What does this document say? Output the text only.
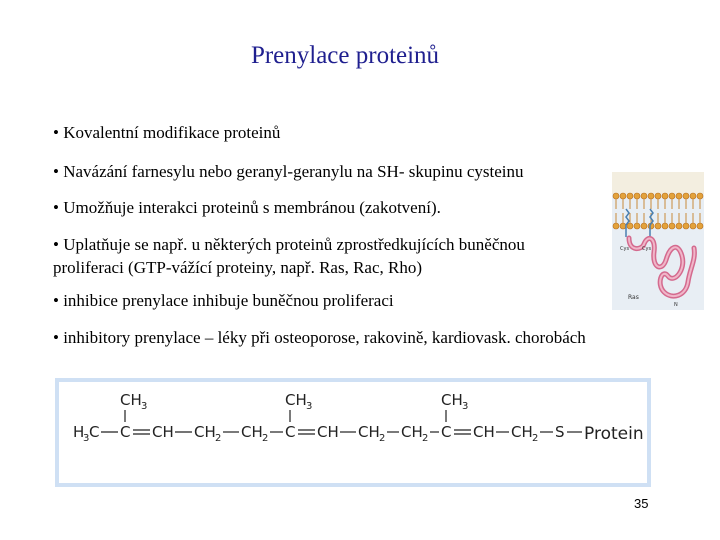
Prenylace proteinů
• Kovalentní modifikace proteinů
• Navázání farnesylu nebo geranyl-geranylu na SH- skupinu cysteinu
• Umožňuje interakci proteinů s membránou (zakotvení).
• Uplatňuje se např. u některých proteinů zprostředkujících buněčnou
proliferaci (GTP-vážící proteiny, např. Ras, Rac, Rho)
• inhibice prenylace inhibuje buněčnou proliferaci
• inhibitory prenylace – léky při osteoporose, rakovině, kardiovask. chorobách
Cys	Cys
Ras
N
CH 3	CH 3	CH 3
H
3 C C CH CH 2 CH 2 C CH CH 2 CH 2 C CH CH 2 S Protein
35
